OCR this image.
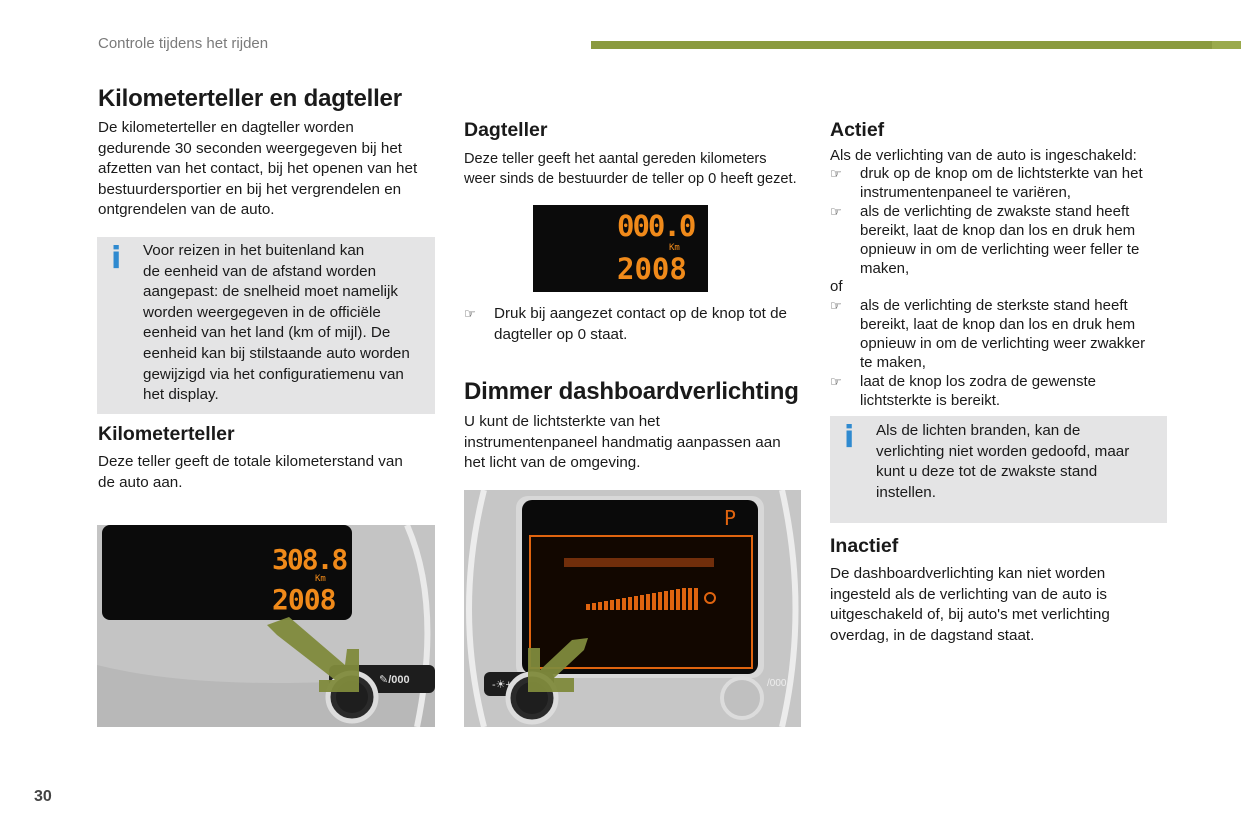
Controle tijdens het rijden
Kilometerteller en dagteller
De kilometerteller en dagteller worden
gedurende 30 seconden weergegeven bij het
afzetten van het contact, bij het openen van het
bestuurdersportier en bij het vergrendelen en
ontgrendelen van de auto.
i Voor reizen in het buitenland kan
de eenheid van de afstand worden
aangepast: de snelheid moet namelijk
worden weergegeven in de officiële
eenheid van het land (km of mijl). De
eenheid kan bij stilstaande auto worden
gewijzigd via het configuratiemenu van
het display.
Kilometerteller
Deze teller geeft de totale kilometerstand van
de auto aan.
308.8
Km
2008
✎/000
Dagteller
Deze teller geeft het aantal gereden kilometers
weer sinds de bestuurder de teller op 0 heeft gezet.
000.0
Km
2008
☞	Druk bij aangezet contact op de knop tot de
dagteller op 0 staat.
Dimmer dashboardverlichting
U kunt de lichtsterkte van het
instrumentenpaneel handmatig aanpassen aan
het licht van de omgeving.
P
-☀+	/000
Actief
Als de verlichting van de auto is ingeschakeld:
☞	druk op de knop om de lichtsterkte van het
instrumentenpaneel te variëren,
☞	als de verlichting de zwakste stand heeft
bereikt, laat de knop dan los en druk hem
opnieuw in om de verlichting weer feller te
maken,
of
☞	als de verlichting de sterkste stand heeft
bereikt, laat de knop dan los en druk hem
opnieuw in om de verlichting weer zwakker
te maken,
☞	laat de knop los zodra de gewenste
lichtsterkte is bereikt.
i Als de lichten branden, kan de
verlichting niet worden gedoofd, maar
kunt u deze tot de zwakste stand
instellen.
Inactief
De dashboardverlichting kan niet worden
ingesteld als de verlichting van de auto is
uitgeschakeld of, bij auto's met verlichting
overdag, in de dagstand staat.
30
